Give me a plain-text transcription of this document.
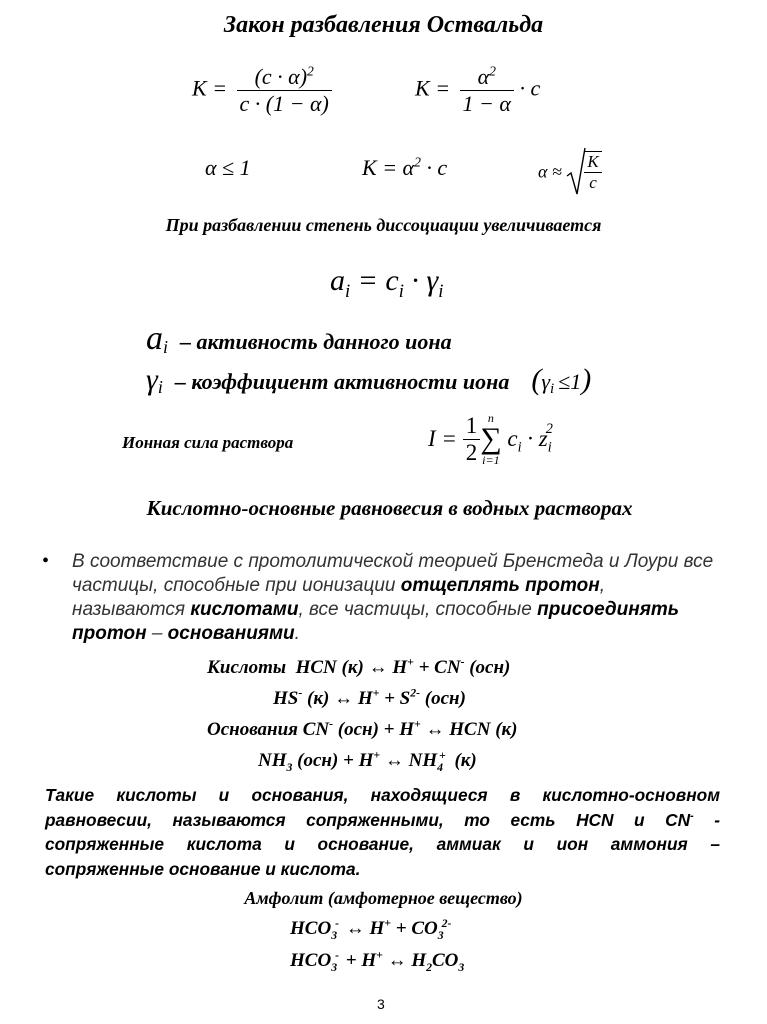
Закон разбавления Оствальда
$K = \frac{(c \cdot \alpha)^2}{c \cdot (1 - \alpha)}$	$K = \frac{\alpha^2}{1 - \alpha} \cdot c$
α ≤ 1	$K = \alpha^2 \cdot c$	$\alpha \approx \frac{K}{c}$
При разбавлении степень диссоциации увеличивается
$a_i = c_i \cdot \gamma_i$
$a_i$ – активность данного иона
$\gamma_i$ – коэффициент активности иона $(\gamma_i \le 1)$
Ионная сила раствора	$I = \frac{1}{2}$ n
∑
i=1
$c_i \cdot z_i^2$
Кислотно-основные равновесия в водных растворах
• В соответствие с протолитической теорией Бренстеда и Лоури все
частицы, способные при ионизации отщеплять протон,
называются кислотами, все частицы, способные присоединять
протон – основаниями.
Кислоты HCN (к) ↔ H+ + CN- (осн)
HS- (к) ↔ $H^+ + S^{2-}$ (осн)
Основания CN- (осн) + H+ ↔ HCN (к)
$NH_3$ (осн) + H+ ↔ $NH_4^+$ (к)
Такие кислоты и основания, находящиеся в кислотно-основном
равновесии, называются сопряженными, то есть HCN и CN- -
сопряженные кислота и основание, аммиак и ион аммония –
сопряженные основание и кислота.
Амфолит (амфотерное вещество)
$HCO_3^-$ ↔ $H^+ + CO_3^{2-}$
$HCO_3^- + H^+$ ↔ $H_2CO_3$
3
